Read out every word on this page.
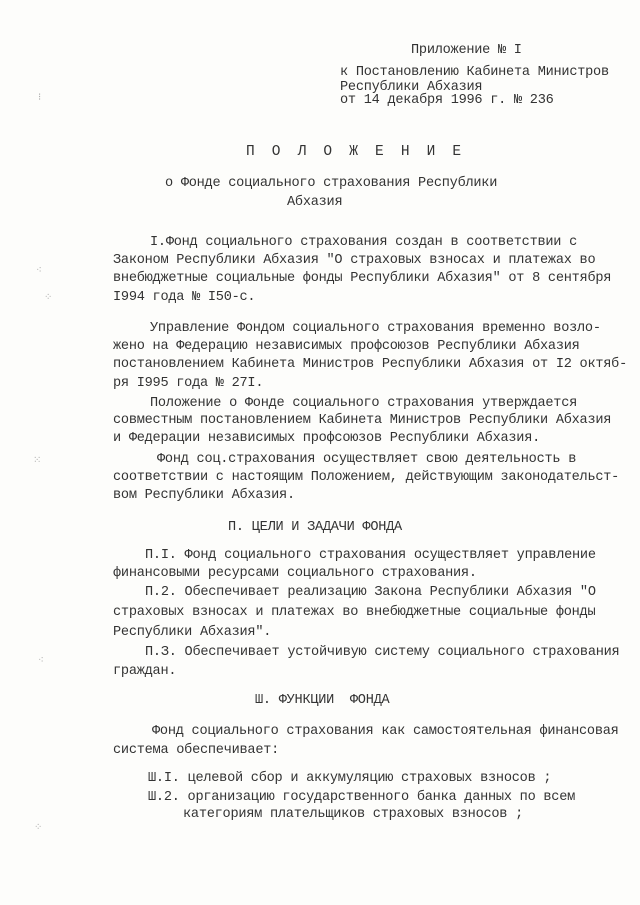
Приложение № I
к Постановлению Кабинета Министров
Республики Абхазия
от 14 декабря 1996 г. № 236
П О Л О Ж Е Н И Е
о Фонде социального страхования Республики
Абхазия
I.Фонд социального страхования создан в соответствии с
Законом Республики Абхазия "О страховых взносах и платежах во
внебюджетные социальные фонды Республики Абхазия" от 8 сентября
I994 года № I50-с.
Управление Фондом социального страхования временно возло-
жено на Федерацию независимых профсоюзов Республики Абхазия
постановлением Кабинета Министров Республики Абхазия от I2 октяб-
ря I995 года № 27I.
Положение о Фонде социального страхования утверждается
совместным постановлением Кабинета Министров Республики Абхазия
и Федерации независимых профсоюзов Республики Абхазия.
Фонд соц.страхования осуществляет свою деятельность в
соответствии с настоящим Положением, действующим законодательст-
вом Республики Абхазия.
П. ЦЕЛИ И ЗАДАЧИ ФОНДА
П.I. Фонд социального страхования осуществляет управление
финансовыми ресурсами социального страхования.
П.2. Обеспечивает реализацию Закона Республики Абхазия "О
страховых взносах и платежах во внебюджетные социальные фонды
Республики Абхазия".
П.З. Обеспечивает устойчивую систему социального страхования
граждан.
Ш. ФУНКЦИИ  ФОНДА
Фонд социального страхования как самостоятельная финансовая
система обеспечивает:
Ш.I. целевой сбор и аккумуляцию страховых взносов ;
Ш.2. организацию государственного банка данных по всем
категориям плательщиков страховых взносов ;
⁝
⁖
⁘
⁙
⁖
⁘
